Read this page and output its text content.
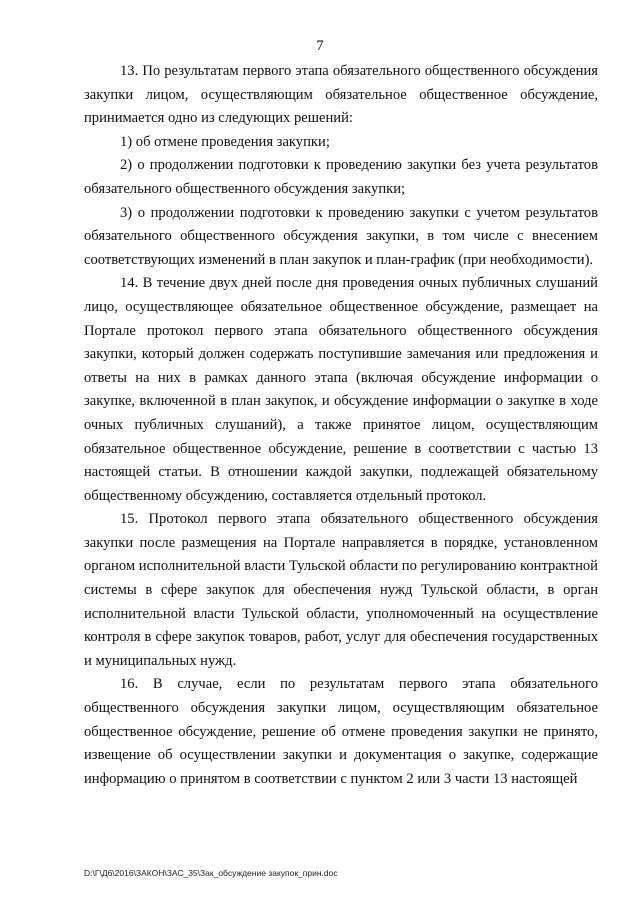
7

13. По результатам первого этапа обязательного общественного обсуждения закупки лицом, осуществляющим обязательное общественное обсуждение, принимается одно из следующих решений:

1) об отмене проведения закупки;

2) о продолжении подготовки к проведению закупки без учета результатов обязательного общественного обсуждения закупки;

3) о продолжении подготовки к проведению закупки с учетом результатов обязательного общественного обсуждения закупки, в том числе с внесением соответствующих изменений в план закупок и план-график (при необходимости).

14. В течение двух дней после дня проведения очных публичных слушаний лицо, осуществляющее обязательное общественное обсуждение, размещает на Портале протокол первого этапа обязательного общественного обсуждения закупки, который должен содержать поступившие замечания или предложения и ответы на них в рамках данного этапа (включая обсуждение информации о закупке, включенной в план закупок, и обсуждение информации о закупке в ходе очных публичных слушаний), а также принятое лицом, осуществляющим обязательное общественное обсуждение, решение в соответствии с частью 13 настоящей статьи. В отношении каждой закупки, подлежащей обязательному общественному обсуждению, составляется отдельный протокол.

15. Протокол первого этапа обязательного общественного обсуждения закупки после размещения на Портале направляется в порядке, установленном органом исполнительной власти Тульской области по регулированию контрактной системы в сфере закупок для обеспечения нужд Тульской области, в орган исполнительной власти Тульской области, уполномоченный на осуществление контроля в сфере закупок товаров, работ, услуг для обеспечения государственных и муниципальных нужд.

16. В случае, если по результатам первого этапа обязательного общественного обсуждения закупки лицом, осуществляющим обязательное общественное обсуждение, решение об отмене проведения закупки не принято, извещение об осуществлении закупки и документация о закупке, содержащие информацию о принятом в соответствии с пунктом 2 или 3 части 13 настоящей

D:\Г\Д6\2016\ЗАКОН\ЗАС_35\Зак_обсуждение закупок_прин.doc
